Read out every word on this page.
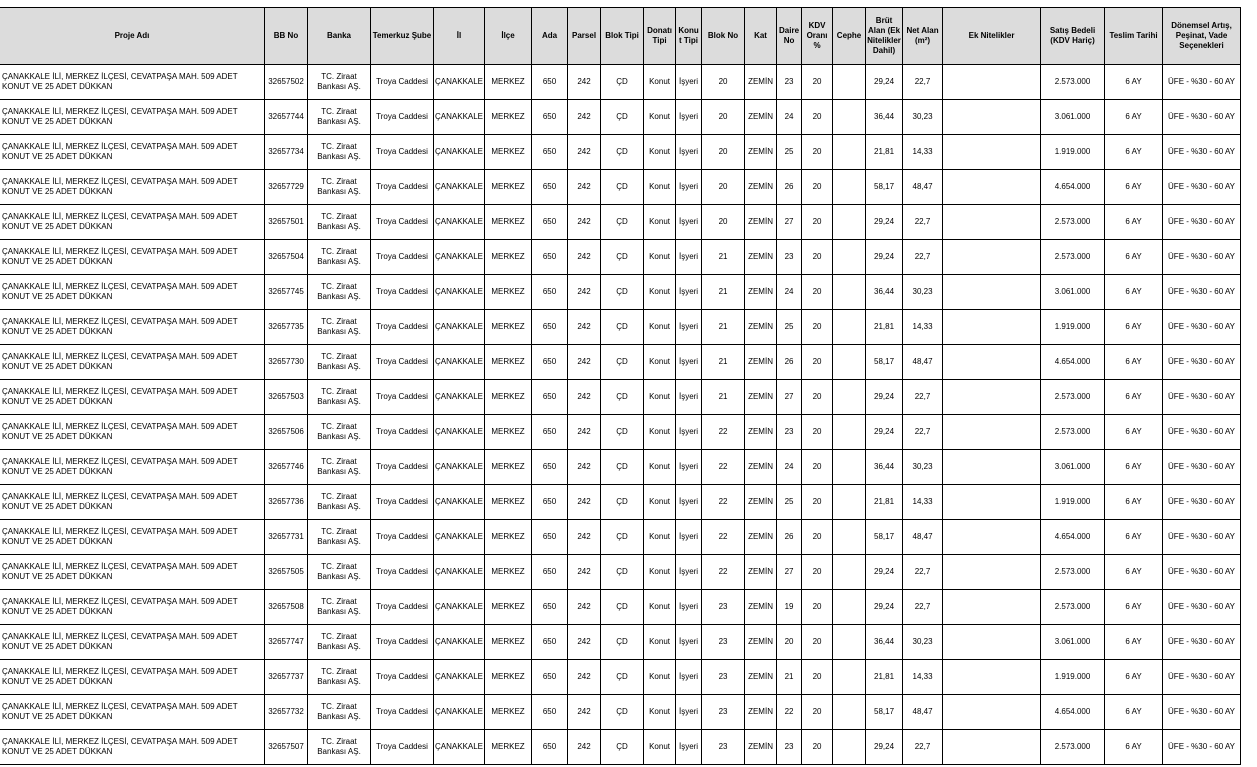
Proje Adı	BB No	Banka	Temerkuz Şube	İl	İlçe	Ada	Parsel	Blok Tipi	Donatı Tipi	Konu t Tipi	Blok No	Kat	Daire No	KDV Oranı %	Cephe	Brüt Alan (Ek Nitelikler Dahil)	Net Alan (m²)	Ek Nitelikler	Satış Bedeli (KDV Hariç)	Teslim Tarihi	Dönemsel Artış, Peşinat, Vade Seçenekleri
ÇANAKKALE İLİ, MERKEZ İLÇESİ, CEVATPAŞA MAH. 509 ADET KONUT VE 25 ADET DÜKKAN	32657502	TC. Ziraat Bankası AŞ.	Troya Caddesi	ÇANAKKALE	MERKEZ	650	242	ÇD	Konut	İşyeri	20	ZEMİN	23	20		29,24	22,7		2.573.000	6 AY	ÜFE - %30 - 60 AY
ÇANAKKALE İLİ, MERKEZ İLÇESİ, CEVATPAŞA MAH. 509 ADET KONUT VE 25 ADET DÜKKAN	32657744	TC. Ziraat Bankası AŞ.	Troya Caddesi	ÇANAKKALE	MERKEZ	650	242	ÇD	Konut	İşyeri	20	ZEMİN	24	20		36,44	30,23		3.061.000	6 AY	ÜFE - %30 - 60 AY
ÇANAKKALE İLİ, MERKEZ İLÇESİ, CEVATPAŞA MAH. 509 ADET KONUT VE 25 ADET DÜKKAN	32657734	TC. Ziraat Bankası AŞ.	Troya Caddesi	ÇANAKKALE	MERKEZ	650	242	ÇD	Konut	İşyeri	20	ZEMİN	25	20		21,81	14,33		1.919.000	6 AY	ÜFE - %30 - 60 AY
ÇANAKKALE İLİ, MERKEZ İLÇESİ, CEVATPAŞA MAH. 509 ADET KONUT VE 25 ADET DÜKKAN	32657729	TC. Ziraat Bankası AŞ.	Troya Caddesi	ÇANAKKALE	MERKEZ	650	242	ÇD	Konut	İşyeri	20	ZEMİN	26	20		58,17	48,47		4.654.000	6 AY	ÜFE - %30 - 60 AY
ÇANAKKALE İLİ, MERKEZ İLÇESİ, CEVATPAŞA MAH. 509 ADET KONUT VE 25 ADET DÜKKAN	32657501	TC. Ziraat Bankası AŞ.	Troya Caddesi	ÇANAKKALE	MERKEZ	650	242	ÇD	Konut	İşyeri	20	ZEMİN	27	20		29,24	22,7		2.573.000	6 AY	ÜFE - %30 - 60 AY
ÇANAKKALE İLİ, MERKEZ İLÇESİ, CEVATPAŞA MAH. 509 ADET KONUT VE 25 ADET DÜKKAN	32657504	TC. Ziraat Bankası AŞ.	Troya Caddesi	ÇANAKKALE	MERKEZ	650	242	ÇD	Konut	İşyeri	21	ZEMİN	23	20		29,24	22,7		2.573.000	6 AY	ÜFE - %30 - 60 AY
ÇANAKKALE İLİ, MERKEZ İLÇESİ, CEVATPAŞA MAH. 509 ADET KONUT VE 25 ADET DÜKKAN	32657745	TC. Ziraat Bankası AŞ.	Troya Caddesi	ÇANAKKALE	MERKEZ	650	242	ÇD	Konut	İşyeri	21	ZEMİN	24	20		36,44	30,23		3.061.000	6 AY	ÜFE - %30 - 60 AY
ÇANAKKALE İLİ, MERKEZ İLÇESİ, CEVATPAŞA MAH. 509 ADET KONUT VE 25 ADET DÜKKAN	32657735	TC. Ziraat Bankası AŞ.	Troya Caddesi	ÇANAKKALE	MERKEZ	650	242	ÇD	Konut	İşyeri	21	ZEMİN	25	20		21,81	14,33		1.919.000	6 AY	ÜFE - %30 - 60 AY
ÇANAKKALE İLİ, MERKEZ İLÇESİ, CEVATPAŞA MAH. 509 ADET KONUT VE 25 ADET DÜKKAN	32657730	TC. Ziraat Bankası AŞ.	Troya Caddesi	ÇANAKKALE	MERKEZ	650	242	ÇD	Konut	İşyeri	21	ZEMİN	26	20		58,17	48,47		4.654.000	6 AY	ÜFE - %30 - 60 AY
ÇANAKKALE İLİ, MERKEZ İLÇESİ, CEVATPAŞA MAH. 509 ADET KONUT VE 25 ADET DÜKKAN	32657503	TC. Ziraat Bankası AŞ.	Troya Caddesi	ÇANAKKALE	MERKEZ	650	242	ÇD	Konut	İşyeri	21	ZEMİN	27	20		29,24	22,7		2.573.000	6 AY	ÜFE - %30 - 60 AY
ÇANAKKALE İLİ, MERKEZ İLÇESİ, CEVATPAŞA MAH. 509 ADET KONUT VE 25 ADET DÜKKAN	32657506	TC. Ziraat Bankası AŞ.	Troya Caddesi	ÇANAKKALE	MERKEZ	650	242	ÇD	Konut	İşyeri	22	ZEMİN	23	20		29,24	22,7		2.573.000	6 AY	ÜFE - %30 - 60 AY
ÇANAKKALE İLİ, MERKEZ İLÇESİ, CEVATPAŞA MAH. 509 ADET KONUT VE 25 ADET DÜKKAN	32657746	TC. Ziraat Bankası AŞ.	Troya Caddesi	ÇANAKKALE	MERKEZ	650	242	ÇD	Konut	İşyeri	22	ZEMİN	24	20		36,44	30,23		3.061.000	6 AY	ÜFE - %30 - 60 AY
ÇANAKKALE İLİ, MERKEZ İLÇESİ, CEVATPAŞA MAH. 509 ADET KONUT VE 25 ADET DÜKKAN	32657736	TC. Ziraat Bankası AŞ.	Troya Caddesi	ÇANAKKALE	MERKEZ	650	242	ÇD	Konut	İşyeri	22	ZEMİN	25	20		21,81	14,33		1.919.000	6 AY	ÜFE - %30 - 60 AY
ÇANAKKALE İLİ, MERKEZ İLÇESİ, CEVATPAŞA MAH. 509 ADET KONUT VE 25 ADET DÜKKAN	32657731	TC. Ziraat Bankası AŞ.	Troya Caddesi	ÇANAKKALE	MERKEZ	650	242	ÇD	Konut	İşyeri	22	ZEMİN	26	20		58,17	48,47		4.654.000	6 AY	ÜFE - %30 - 60 AY
ÇANAKKALE İLİ, MERKEZ İLÇESİ, CEVATPAŞA MAH. 509 ADET KONUT VE 25 ADET DÜKKAN	32657505	TC. Ziraat Bankası AŞ.	Troya Caddesi	ÇANAKKALE	MERKEZ	650	242	ÇD	Konut	İşyeri	22	ZEMİN	27	20		29,24	22,7		2.573.000	6 AY	ÜFE - %30 - 60 AY
ÇANAKKALE İLİ, MERKEZ İLÇESİ, CEVATPAŞA MAH. 509 ADET KONUT VE 25 ADET DÜKKAN	32657508	TC. Ziraat Bankası AŞ.	Troya Caddesi	ÇANAKKALE	MERKEZ	650	242	ÇD	Konut	İşyeri	23	ZEMİN	19	20		29,24	22,7		2.573.000	6 AY	ÜFE - %30 - 60 AY
ÇANAKKALE İLİ, MERKEZ İLÇESİ, CEVATPAŞA MAH. 509 ADET KONUT VE 25 ADET DÜKKAN	32657747	TC. Ziraat Bankası AŞ.	Troya Caddesi	ÇANAKKALE	MERKEZ	650	242	ÇD	Konut	İşyeri	23	ZEMİN	20	20		36,44	30,23		3.061.000	6 AY	ÜFE - %30 - 60 AY
ÇANAKKALE İLİ, MERKEZ İLÇESİ, CEVATPAŞA MAH. 509 ADET KONUT VE 25 ADET DÜKKAN	32657737	TC. Ziraat Bankası AŞ.	Troya Caddesi	ÇANAKKALE	MERKEZ	650	242	ÇD	Konut	İşyeri	23	ZEMİN	21	20		21,81	14,33		1.919.000	6 AY	ÜFE - %30 - 60 AY
ÇANAKKALE İLİ, MERKEZ İLÇESİ, CEVATPAŞA MAH. 509 ADET KONUT VE 25 ADET DÜKKAN	32657732	TC. Ziraat Bankası AŞ.	Troya Caddesi	ÇANAKKALE	MERKEZ	650	242	ÇD	Konut	İşyeri	23	ZEMİN	22	20		58,17	48,47		4.654.000	6 AY	ÜFE - %30 - 60 AY
ÇANAKKALE İLİ, MERKEZ İLÇESİ, CEVATPAŞA MAH. 509 ADET KONUT VE 25 ADET DÜKKAN	32657507	TC. Ziraat Bankası AŞ.	Troya Caddesi	ÇANAKKALE	MERKEZ	650	242	ÇD	Konut	İşyeri	23	ZEMİN	23	20		29,24	22,7		2.573.000	6 AY	ÜFE - %30 - 60 AY
